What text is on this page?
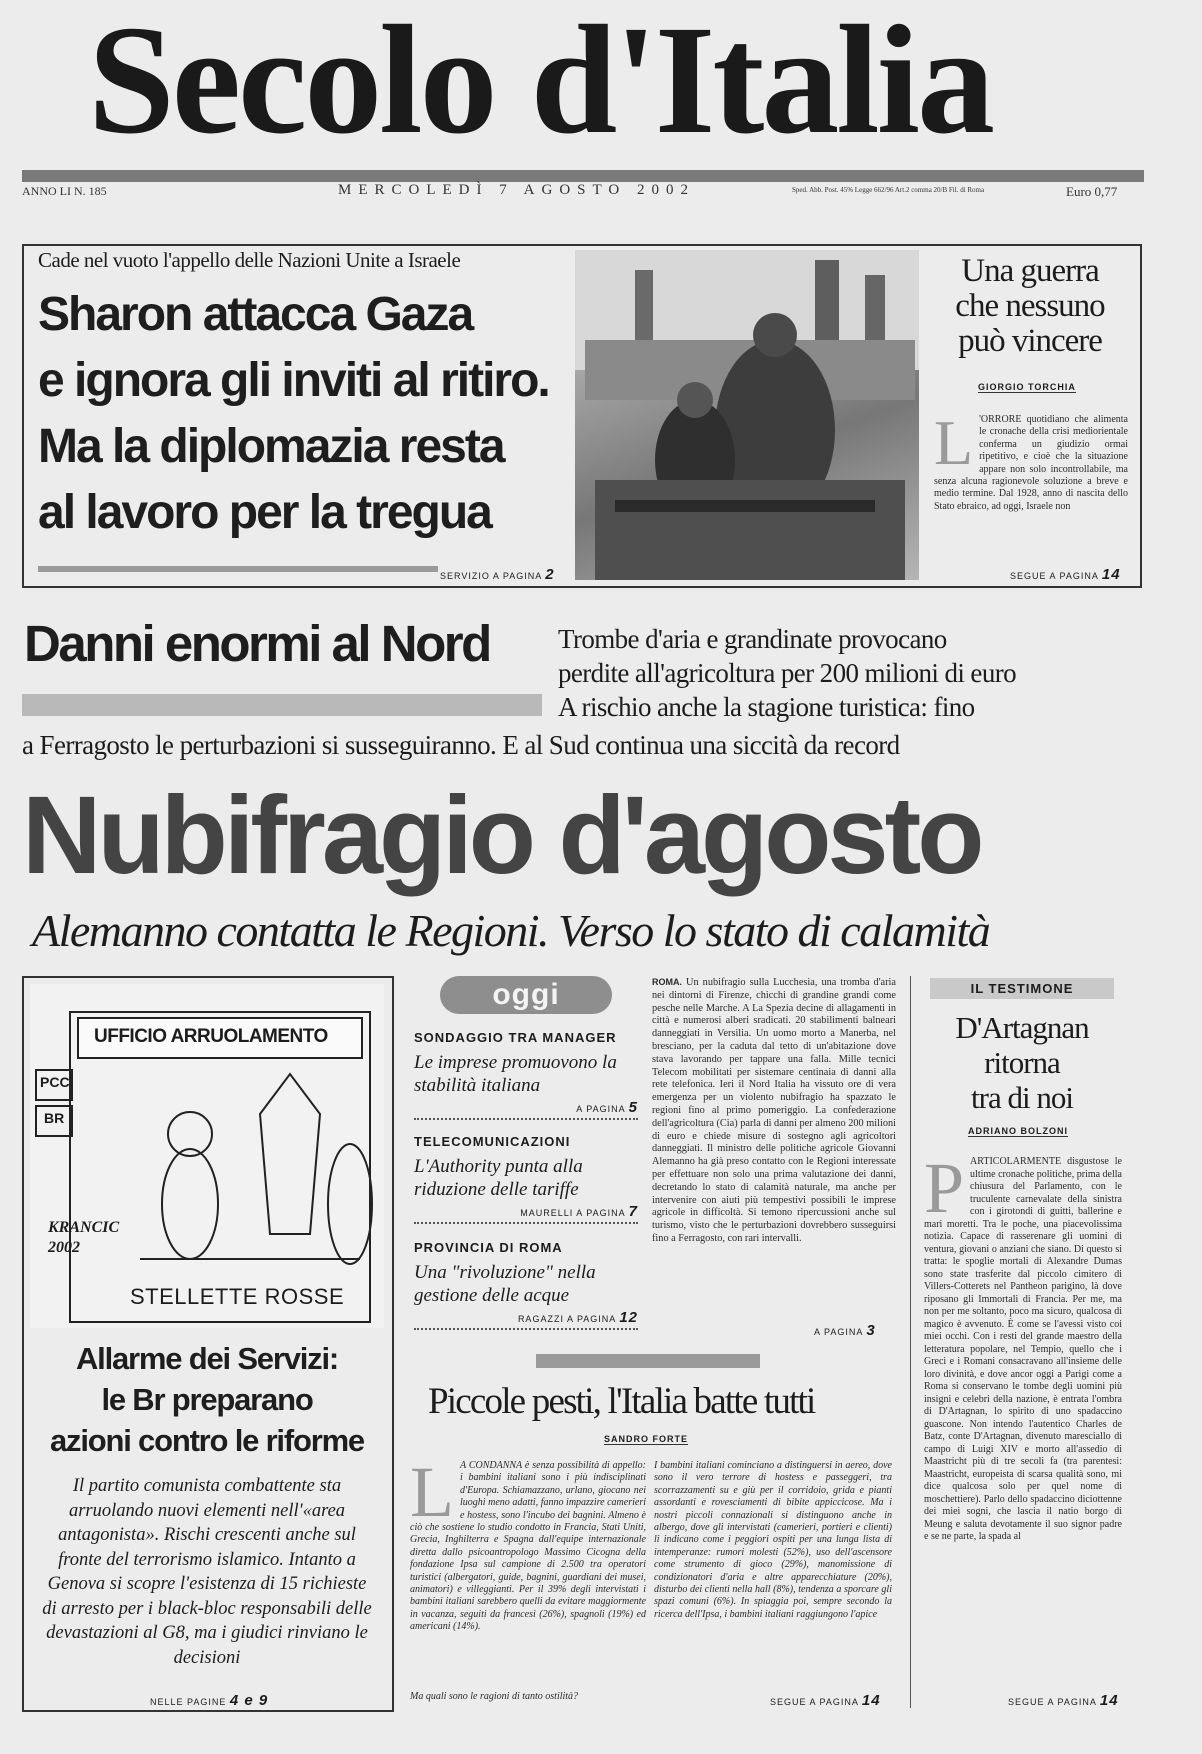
Secolo d'Italia
ANNO LI N. 185	MERCOLEDÌ 7 AGOSTO 2002	Sped. Abb. Post. 45% Legge 662/96 Art.2 comma 20/B Fil. di Roma	Euro 0,77
Cade nel vuoto l'appello delle Nazioni Unite a Israele
Sharon attacca Gaza
e ignora gli inviti al ritiro.
Ma la diplomazia resta
al lavoro per la tregua
SERVIZIO A PAGINA 2
Una guerra
che nessuno
può vincere
GIORGIO TORCHIA
L 'ORRORE quotidiano che alimenta le cronache della crisi mediorientale conferma un giudizio ormai ripetitivo, e cioè che la situazione appare non solo incontrollabile, ma senza alcuna ragionevole soluzione a breve e medio termine. Dal 1928, anno di nascita dello Stato ebraico, ad oggi, Israele non
SEGUE A PAGINA 14
Danni enormi al Nord	Trombe d'aria e grandinate provocano
perdite all'agricoltura per 200 milioni di euro
A rischio anche la stagione turistica: fino
a Ferragosto le perturbazioni si susseguiranno. E al Sud continua una siccità da record
Nubifragio d'agosto
Alemanno contatta le Regioni. Verso lo stato di calamità
UFFICIO ARRUOLAMENTO
PCC
BR
KRANCIC 2002
STELLETTE ROSSE
Allarme dei Servizi:
le Br preparano
azioni contro le riforme
Il partito comunista combattente sta arruolando nuovi elementi nell'«area antagonista». Rischi crescenti anche sul fronte del terrorismo islamico. Intanto a Genova si scopre l'esistenza di 15 richieste di arresto per i black-bloc responsabili delle devastazioni al G8, ma i giudici rinviano le decisioni
NELLE PAGINE 4 e 9
oggi
SONDAGGIO TRA MANAGER
Le imprese promuovono la stabilità italiana
A PAGINA 5
TELECOMUNICAZIONI
L'Authority punta alla riduzione delle tariffe
MAURELLI A PAGINA 7
PROVINCIA DI ROMA
Una "rivoluzione" nella gestione delle acque
RAGAZZI A PAGINA 12
ROMA. Un nubifragio sulla Lucchesia, una tromba d'aria nei dintorni di Firenze, chicchi di grandine grandi come pesche nelle Marche. A La Spezia decine di allagamenti in città e numerosi alberi sradicati. 20 stabilimenti balneari danneggiati in Versilia. Un uomo morto a Manerba, nel bresciano, per la caduta dal tetto di un'abitazione dove stava lavorando per tappare una falla. Mille tecnici Telecom mobilitati per sistemare centinaia di danni alla rete telefonica. Ieri il Nord Italia ha vissuto ore di vera emergenza per un violento nubifragio ha spazzato le regioni fino al primo pomeriggio. La confederazione dell'agricoltura (Cia) parla di danni per almeno 200 milioni di euro e chiede misure di sostegno agli agricoltori danneggiati. Il ministro delle politiche agricole Giovanni Alemanno ha già preso contatto con le Regioni interessate per effettuare non solo una prima valutazione dei danni, decretando lo stato di calamità naturale, ma anche per intervenire con aiuti più tempestivi possibili le imprese agricole in difficoltà. Si temono ripercussioni anche sul turismo, visto che le perturbazioni dovrebbero susseguirsi fino a Ferragosto, con rari intervalli.
A PAGINA 3
Piccole pesti, l'Italia batte tutti
SANDRO FORTE
L A CONDANNA è senza possibilità di appello: i bambini italiani sono i più indisciplinati d'Europa. Schiamazzano, urlano, giocano nei luoghi meno adatti, fanno impazzire camerieri e hostess, sono l'incubo dei bagnini. Almeno è ciò che sostiene lo studio condotto in Francia, Stati Uniti, Grecia, Inghilterra e Spagna dall'equipe internazionale diretta dallo psicoantropologo Massimo Cicogna della fondazione Ipsa sul campione di 2.500 tra operatori turistici (albergatori, guide, bagnini, guardiani dei musei, animatori) e villeggianti. Per il 39% degli intervistati i bambini italiani sarebbero quelli da evitare maggiormente in vacanza, seguiti da francesi (26%), spagnoli (19%) ed americani (14%).
Ma quali sono le ragioni di tanto ostilità?
I bambini italiani cominciano a distinguersi in aereo, dove sono il vero terrore di hostess e passeggeri, tra scorrazzamenti su e giù per il corridoio, grida e pianti assordanti e rovesciamenti di bibite appiccicose. Ma i nostri piccoli connazionali si distinguono anche in albergo, dove gli intervistati (camerieri, portieri e clienti) li indicano come i peggiori ospiti per una lunga lista di intemperanze: rumori molesti (52%), uso dell'ascensore come strumento di gioco (29%), manomissione di condizionatori d'aria e altre apparecchiature (20%), disturbo dei clienti nella hall (8%), tendenza a sporcare gli spazi comuni (6%). In spiaggia poi, sempre secondo la ricerca dell'Ipsa, i bambini italiani raggiungono l'apice
SEGUE A PAGINA 14
IL TESTIMONE
D'Artagnan
ritorna
tra di noi
ADRIANO BOLZONI
P ARTICOLARMENTE disgustose le ultime cronache politiche, prima della chiusura del Parlamento, con le truculente carnevalate della sinistra con i girotondi di guitti, ballerine e mari moretti. Tra le poche, una piacevolissima notizia. Capace di rasserenare gli uomini di ventura, giovani o anziani che siano. Di questo si tratta: le spoglie mortali di Alexandre Dumas sono state trasferite dal piccolo cimitero di Villers-Cotterets nel Pantheon parigino, là dove riposano gli Immortali di Francia. Per me, ma non per me soltanto, poco ma sicuro, qualcosa di magico è avvenuto. È come se l'avessi visto coi miei occhi. Con i resti del grande maestro della letteratura popolare, nel Tempio, quello che i Greci e i Romani consacravano all'insieme delle loro divinità, e dove ancor oggi a Parigi come a Roma si conservano le tombe degli uomini più insigni e celebri della nazione, è entrata l'ombra di D'Artagnan, lo spirito di uno spadaccino guascone. Non intendo l'autentico Charles de Batz, conte D'Artagnan, divenuto maresciallo di campo di Luigi XIV e morto all'assedio di Maastricht più di tre secoli fa (tra parentesi: Maastricht, europeista di scarsa qualità sono, mi dice qualcosa solo per quel nome di moschettiere). Parlo dello spadaccino diciottenne dei miei sogni, che lascia il natio borgo di Meung e saluta devotamente il suo signor padre e se ne parte, la spada al
SEGUE A PAGINA 14
